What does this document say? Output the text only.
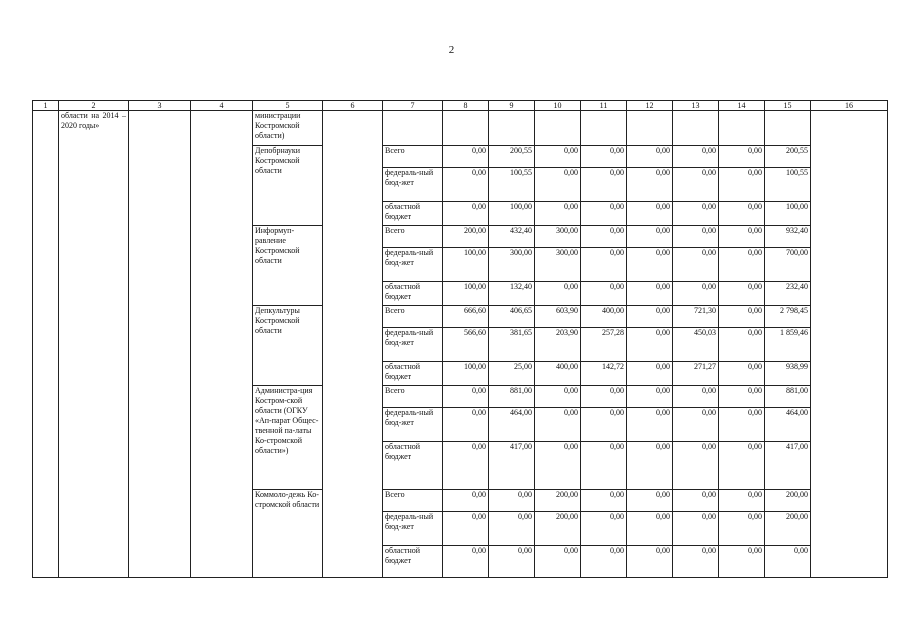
2
1	2	3	4	5	6	7	8	9	10	11	12	13	14	15	16
	области на 2014 – 2020 годы»			министрации Костромской области)											
				Депобрнауки Костромской области		Всего	0,00	200,55	0,00	0,00	0,00	0,00	0,00	200,55	
						федераль-ный бюд-жет	0,00	100,55	0,00	0,00	0,00	0,00	0,00	100,55	
						областной бюджет	0,00	100,00	0,00	0,00	0,00	0,00	0,00	100,00	
				Информуп-равление Костромской области		Всего	200,00	432,40	300,00	0,00	0,00	0,00	0,00	932,40	
						федераль-ный бюд-жет	100,00	300,00	300,00	0,00	0,00	0,00	0,00	700,00	
						областной бюджет	100,00	132,40	0,00	0,00	0,00	0,00	0,00	232,40	
				Депкультуры Костромской области		Всего	666,60	406,65	603,90	400,00	0,00	721,30	0,00	2 798,45	
						федераль-ный бюд-жет	566,60	381,65	203,90	257,28	0,00	450,03	0,00	1 859,46	
						областной бюджет	100,00	25,00	400,00	142,72	0,00	271,27	0,00	938,99	
				Администра-ция Костром-ской области (ОГКУ «Ап-парат Общес-твенной па-латы Ко-стромской области»)		Всего	0,00	881,00	0,00	0,00	0,00	0,00	0,00	881,00	
						федераль-ный бюд-жет	0,00	464,00	0,00	0,00	0,00	0,00	0,00	464,00	
						областной бюджет	0,00	417,00	0,00	0,00	0,00	0,00	0,00	417,00	
				Коммоло-дежь Ко-стромской области		Всего	0,00	0,00	200,00	0,00	0,00	0,00	0,00	200,00	
						федераль-ный бюд-жет	0,00	0,00	200,00	0,00	0,00	0,00	0,00	200,00	
						областной бюджет	0,00	0,00	0,00	0,00	0,00	0,00	0,00	0,00	
